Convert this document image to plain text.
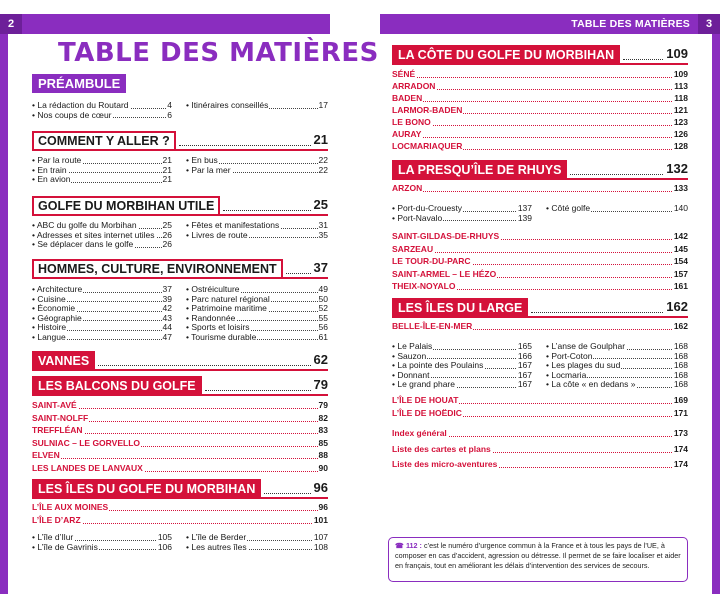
2	TABLE DES MATIÈRES	3
TABLE DES MATIÈRES
PRÉAMBULE
• La rédaction du Routard	4
• Nos coups de cœur	6
• Itinéraires conseillés	17
COMMENT Y ALLER ?	21
• Par la route	21
• En train	21
• En avion	21
• En bus	22
• Par la mer	22
GOLFE DU MORBIHAN UTILE	25
• ABC du golfe du Morbihan	25
• Adresses et sites internet utiles 26
• Se déplacer dans le golfe	26
• Fêtes et manifestations	31
• Livres de route	35
HOMMES, CULTURE, ENVIRONNEMENT	37
• Architecture	37
• Cuisine	39
• Économie	42
• Géographie	43
• Histoire	44
• Langue	47
• Ostréiculture	49
• Parc naturel régional	50
• Patrimoine maritime	52
• Randonnée	55
• Sports et loisirs	56
• Tourisme durable	61
VANNES	62
LES BALCONS DU GOLFE	79
SAINT-AVÉ	79
SAINT-NOLFF	82
TREFFLÉAN	83
SULNIAC – LE GORVELLO	85
ELVEN	88
LES LANDES DE LANVAUX	90
LES ÎLES DU GOLFE DU MORBIHAN	96
L’ÎLE AUX MOINES	96
L’ÎLE D’ARZ	101
• L’île d’Ilur	105
• L’île de Gavrinis	106
• L’île de Berder	107
• Les autres îles	108
LA CÔTE DU GOLFE DU MORBIHAN	109
SÉNÉ	109
ARRADON	113
BADEN	118
LARMOR-BADEN	121
LE BONO	123
AURAY	126
LOCMARIAQUER	128
LA PRESQU’ÎLE DE RHUYS	132
ARZON	133
• Port-du-Crouesty	137
• Port-Navalo	139
• Côté golfe	140
SAINT-GILDAS-DE-RHUYS	142
SARZEAU	145
LE TOUR-DU-PARC	154
SAINT-ARMEL – LE HÉZO	157
THEIX-NOYALO	161
LES ÎLES DU LARGE	162
BELLE-ÎLE-EN-MER	162
• Le Palais	165
• Sauzon	166
• La pointe des Poulains	167
• Donnant	167
• Le grand phare	167
• L’anse de Goulphar	168
• Port-Coton	168
• Les plages du sud	168
• Locmaria	168
• La côte « en dedans »	168
L’ÎLE DE HOUAT	169
L’ÎLE DE HOËDIC	171
Index général	173
Liste des cartes et plans	174
Liste des micro-aventures	174
☎ 112 : c’est le numéro d’urgence commun à la France et à tous les pays de l’UE, à composer en cas d’accident, agression ou détresse. Il permet de se faire localiser et aider en français, tout en améliorant les délais d’intervention des services de secours.
